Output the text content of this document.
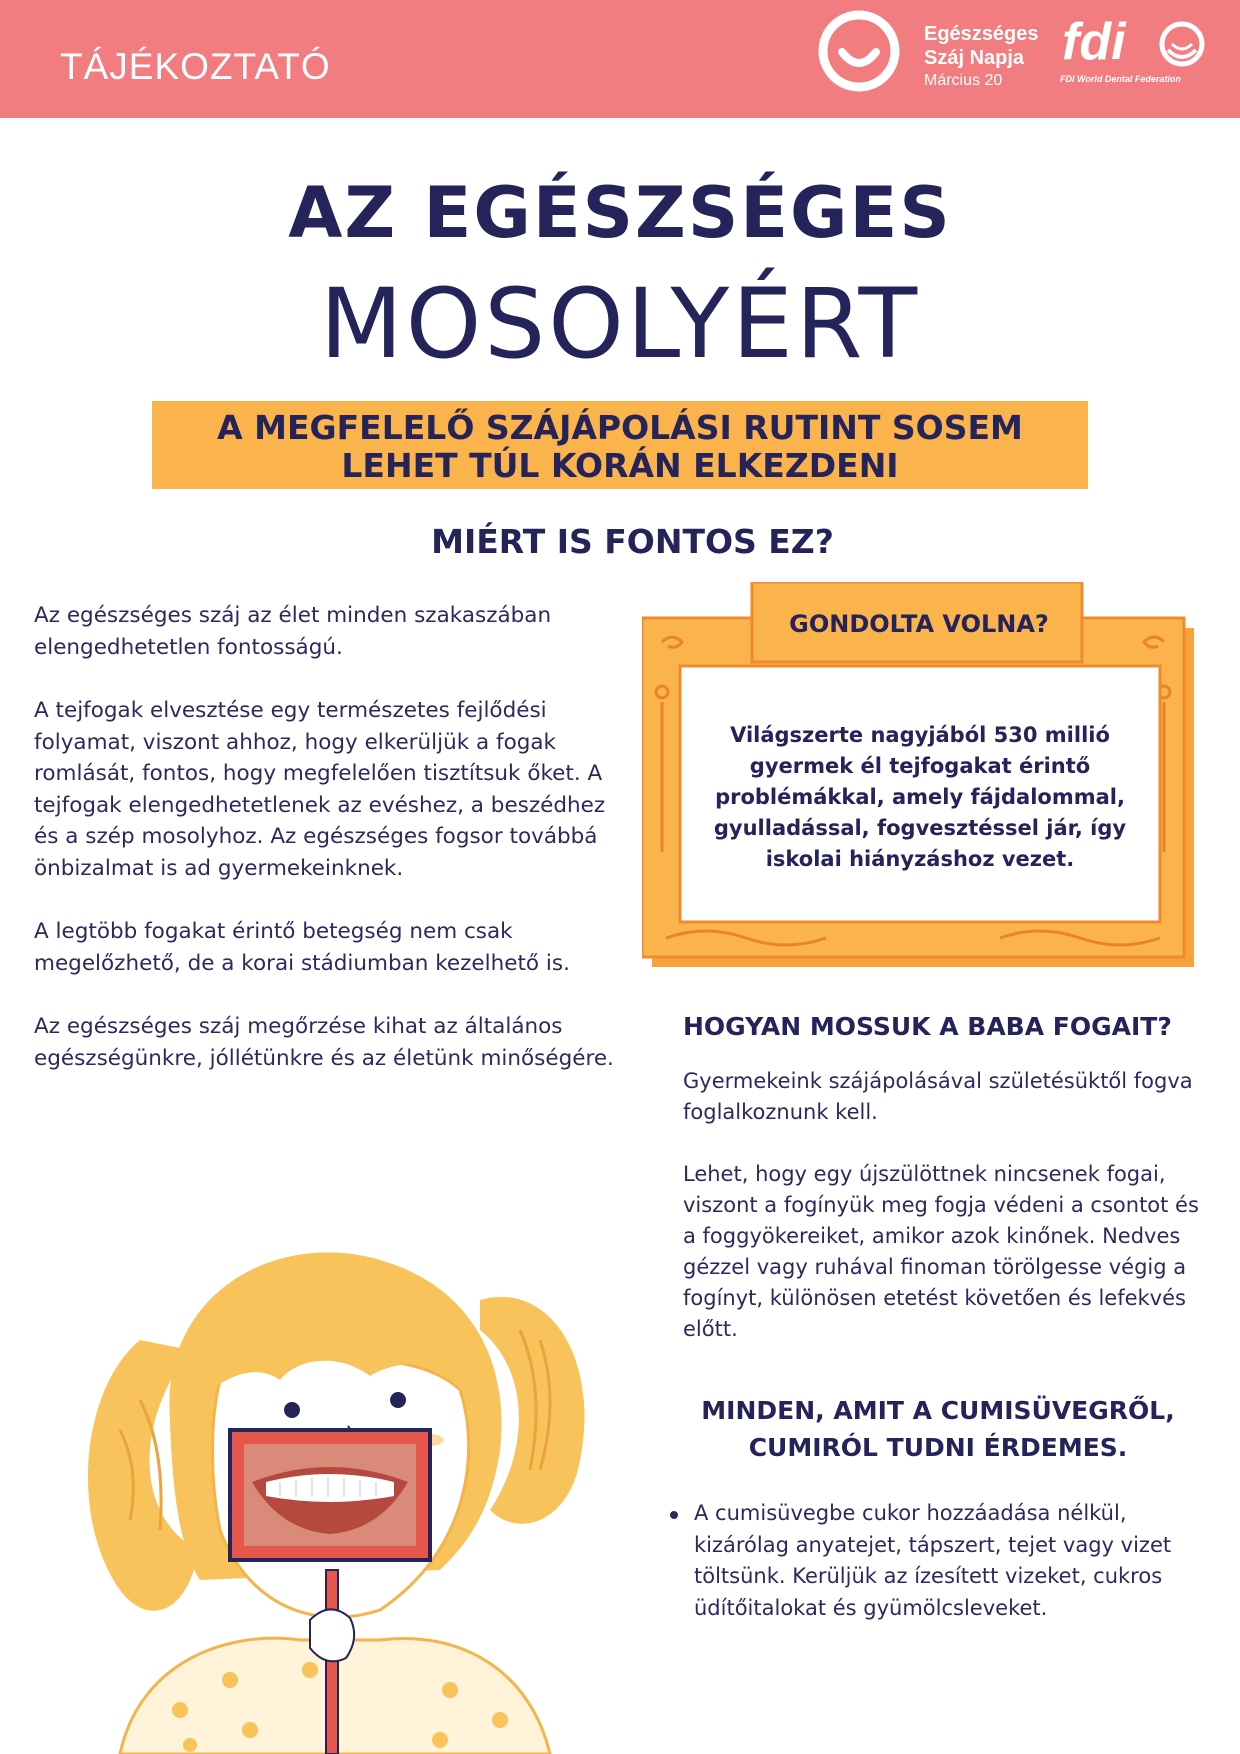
TÁJÉKOZTATÓ
Egészséges
Száj Napja
Március 20
fdi
FDI World Dental Federation
AZ EGÉSZSÉGES
MOSOLYÉRT
A MEGFELELŐ SZÁJÁPOLÁSI RUTINT SOSEM
LEHET TÚL KORÁN ELKEZDENI
MIÉRT IS FONTOS EZ?

Az egészséges száj az élet minden szakaszában elengedhetetlen fontosságú.

A tejfogak elvesztése egy természetes fejlődési folyamat, viszont ahhoz, hogy elkerüljük a fogak romlását, fontos, hogy megfelelően tisztítsuk őket. A tejfogak elengedhetetlenek az evéshez, a beszédhez és a szép mosolyhoz. Az egészséges fogsor továbbá önbizalmat is ad gyermekeinknek.

A legtöbb fogakat érintő betegség nem csak megelőzhető, de a korai stádiumban kezelhető is.

Az egészséges száj megőrzése kihat az általános egészségünkre, jóllétünkre és az életünk minőségére.

GONDOLTA VOLNA?
Világszerte nagyjából 530 millió gyermek él tejfogakat érintő problémákkal, amely fájdalommal, gyulladással, fogvesztéssel jár, így iskolai hiányzáshoz vezet.
HOGYAN MOSSUK A BABA FOGAIT?

Gyermekeink szájápolásával születésüktől fogva foglalkoznunk kell.

Lehet, hogy egy újszülöttnek nincsenek fogai, viszont a fogínyük meg fogja védeni a csontot és a foggyökereiket, amikor azok kinőnek. Nedves gézzel vagy ruhával finoman törölgesse végig a fogínyt, különösen etetést követően és lefekvés előtt.

MINDEN, AMIT A CUMISÜVEGRŐL,
CUMIRÓL TUDNI ÉRDEMES.
A cumisüvegbe cukor hozzáadása nélkül, kizárólag anyatejet, tápszert, tejet vagy vizet töltsünk. Kerüljük az ízesített vizeket, cukros üdítőitalokat és gyümölcsleveket.
